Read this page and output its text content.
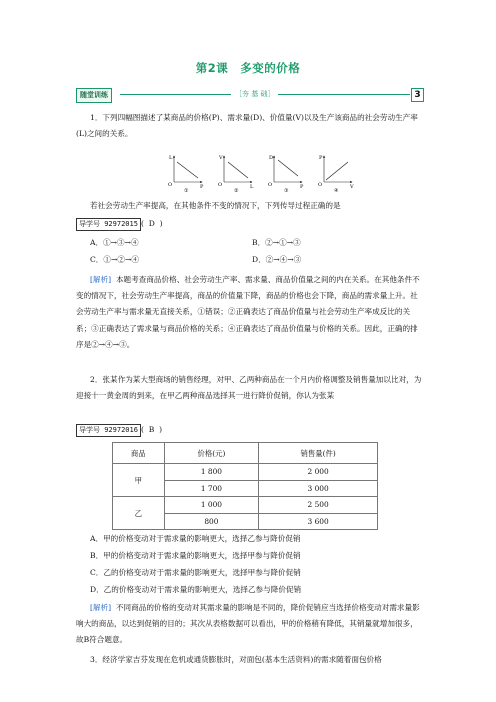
第2课　多变的价格
随堂训练	［夯 基 础］	3
1．下列四幅图描述了某商品的价格(P)、需求量(D)、价值量(V)以及生产该商品的社会劳动生产率(L)之间的关系。
L
O	P
①
V
O	L
②
D
O	P
③
P
O	V
④
若社会劳动生产率提高，在其他条件不变的情况下，下列传导过程正确的是
导学号 92972015 ( D )
A．①→③→④	B．②→①→③
C．①→②→④	D．②→④→③
[解析] 本题考查商品价格、社会劳动生产率、需求量、商品价值量之间的内在关系。在其他条件不变的情况下，社会劳动生产率提高，商品的价值量下降，商品的价格也会下降，商品的需求量上升。社会劳动生产率与需求量无直接关系，①错误；②正确表达了商品价值量与社会劳动生产率成反比的关系；③正确表达了需求量与商品价格的关系；④正确表达了商品价值量与价格的关系。因此，正确的排序是②→④→③。
2．张某作为某大型商场的销售经理，对甲、乙两种商品在一个月内价格调整及销售量加以比对，为迎接十一黄金周的到来，在甲乙两种商品选择其一进行降价促销，你认为张某
导学号 92972016 ( B )
商品	价格(元)	销售量(件)
甲	1 800	2 000
	1 700	3 000
乙	1 000	2 500
	800	3 600
A．甲的价格变动对于需求量的影响更大，选择乙参与降价促销
B．甲的价格变动对于需求量的影响更大，选择甲参与降价促销
C．乙的价格变动对于需求量的影响更大，选择甲参与降价促销
D．乙的价格变动对于需求量的影响更大，选择乙参与降价促销
[解析] 不同商品的价格的变动对其需求量的影响是不同的，降价促销应当选择价格变动对需求量影响大的商品，以达到促销的目的；其次从表格数据可以看出，甲的价格稍有降低，其销量就增加很多，故B符合题意。
3．经济学家吉芬发现在危机或通货膨胀时，对面包(基本生活资料)的需求随着面包价格
